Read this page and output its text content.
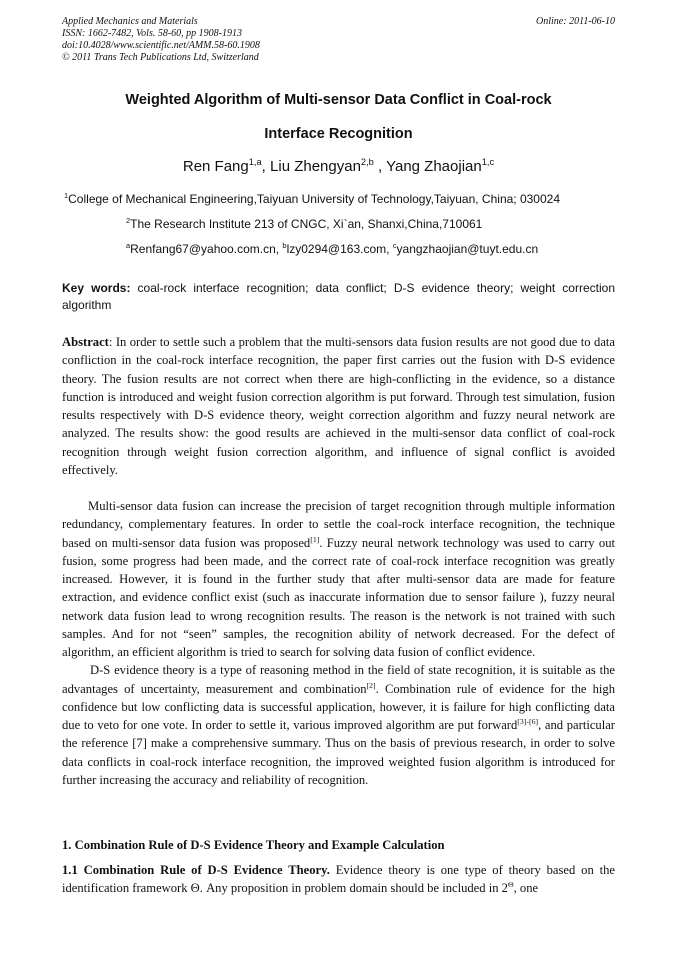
Applied Mechanics and Materials
ISSN: 1662-7482, Vols. 58-60, pp 1908-1913
doi:10.4028/www.scientific.net/AMM.58-60.1908
© 2011 Trans Tech Publications Ltd, Switzerland
Online: 2011-06-10
Weighted Algorithm of Multi-sensor Data Conflict in Coal-rock
Interface Recognition
Ren Fang$^{1,a}$, Liu Zhengyan$^{2,b}$ , Yang Zhaojian$^{1,c}$
$^1$College of Mechanical Engineering,Taiyuan University of Technology,Taiyuan, China; 030024
$^2$The Research Institute 213 of CNGC, Xi`an, Shanxi,China,710061
$^a$Renfang67@yahoo.com.cn, $^b$lzy0294@163.com, $^c$yangzhaojian@tuyt.edu.cn
Key words: coal-rock interface recognition; data conflict; D-S evidence theory; weight correction algorithm

Abstract: In order to settle such a problem that the multi-sensors data fusion results are not good due to data confliction in the coal-rock interface recognition, the paper first carries out the fusion with D-S evidence theory. The fusion results are not correct when there are high-conflicting in the evidence, so a distance function is introduced and weight fusion correction algorithm is put forward. Through test simulation, fusion results respectively with D-S evidence theory, weight correction algorithm and fuzzy neural network are analyzed. The results show: the good results are achieved in the multi-sensor data conflict of coal-rock recognition through weight fusion correction algorithm, and influence of signal conflict is avoided effectively.

Multi-sensor data fusion can increase the precision of target recognition through multiple information redundancy, complementary features. In order to settle the coal-rock interface recognition, the technique based on multi-sensor data fusion was proposed[1]. Fuzzy neural network technology was used to carry out fusion, some progress had been made, and the correct rate of coal-rock interface recognition was greatly increased. However, it is found in the further study that after multi-sensor data are made for feature extraction, and evidence conflict exist (such as inaccurate information due to sensor failure ), fuzzy neural network data fusion lead to wrong recognition results. The reason is the network is not trained with such samples. And for not “seen” samples, the recognition ability of network decreased. For the defect of algorithm, an efficient algorithm is tried to search for solving data fusion of conflict evidence.

D-S evidence theory is a type of reasoning method in the field of state recognition, it is suitable as the advantages of uncertainty, measurement and combination[2]. Combination rule of evidence for the high confidence but low conflicting data is successful application, however, it is failure for high conflicting data due to veto for one vote. In order to settle it, various improved algorithm are put forward[3]-[6], and particular the reference [7] make a comprehensive summary. Thus on the basis of previous research, in order to solve data conflicts in coal-rock interface recognition, the improved weighted fusion algorithm is introduced for further increasing the accuracy and reliability of recognition.

1. Combination Rule of D-S Evidence Theory and Example Calculation

1.1 Combination Rule of D-S Evidence Theory. Evidence theory is one type of theory based on the identification framework Θ. Any proposition in problem domain should be included in $2^\Theta$, one
